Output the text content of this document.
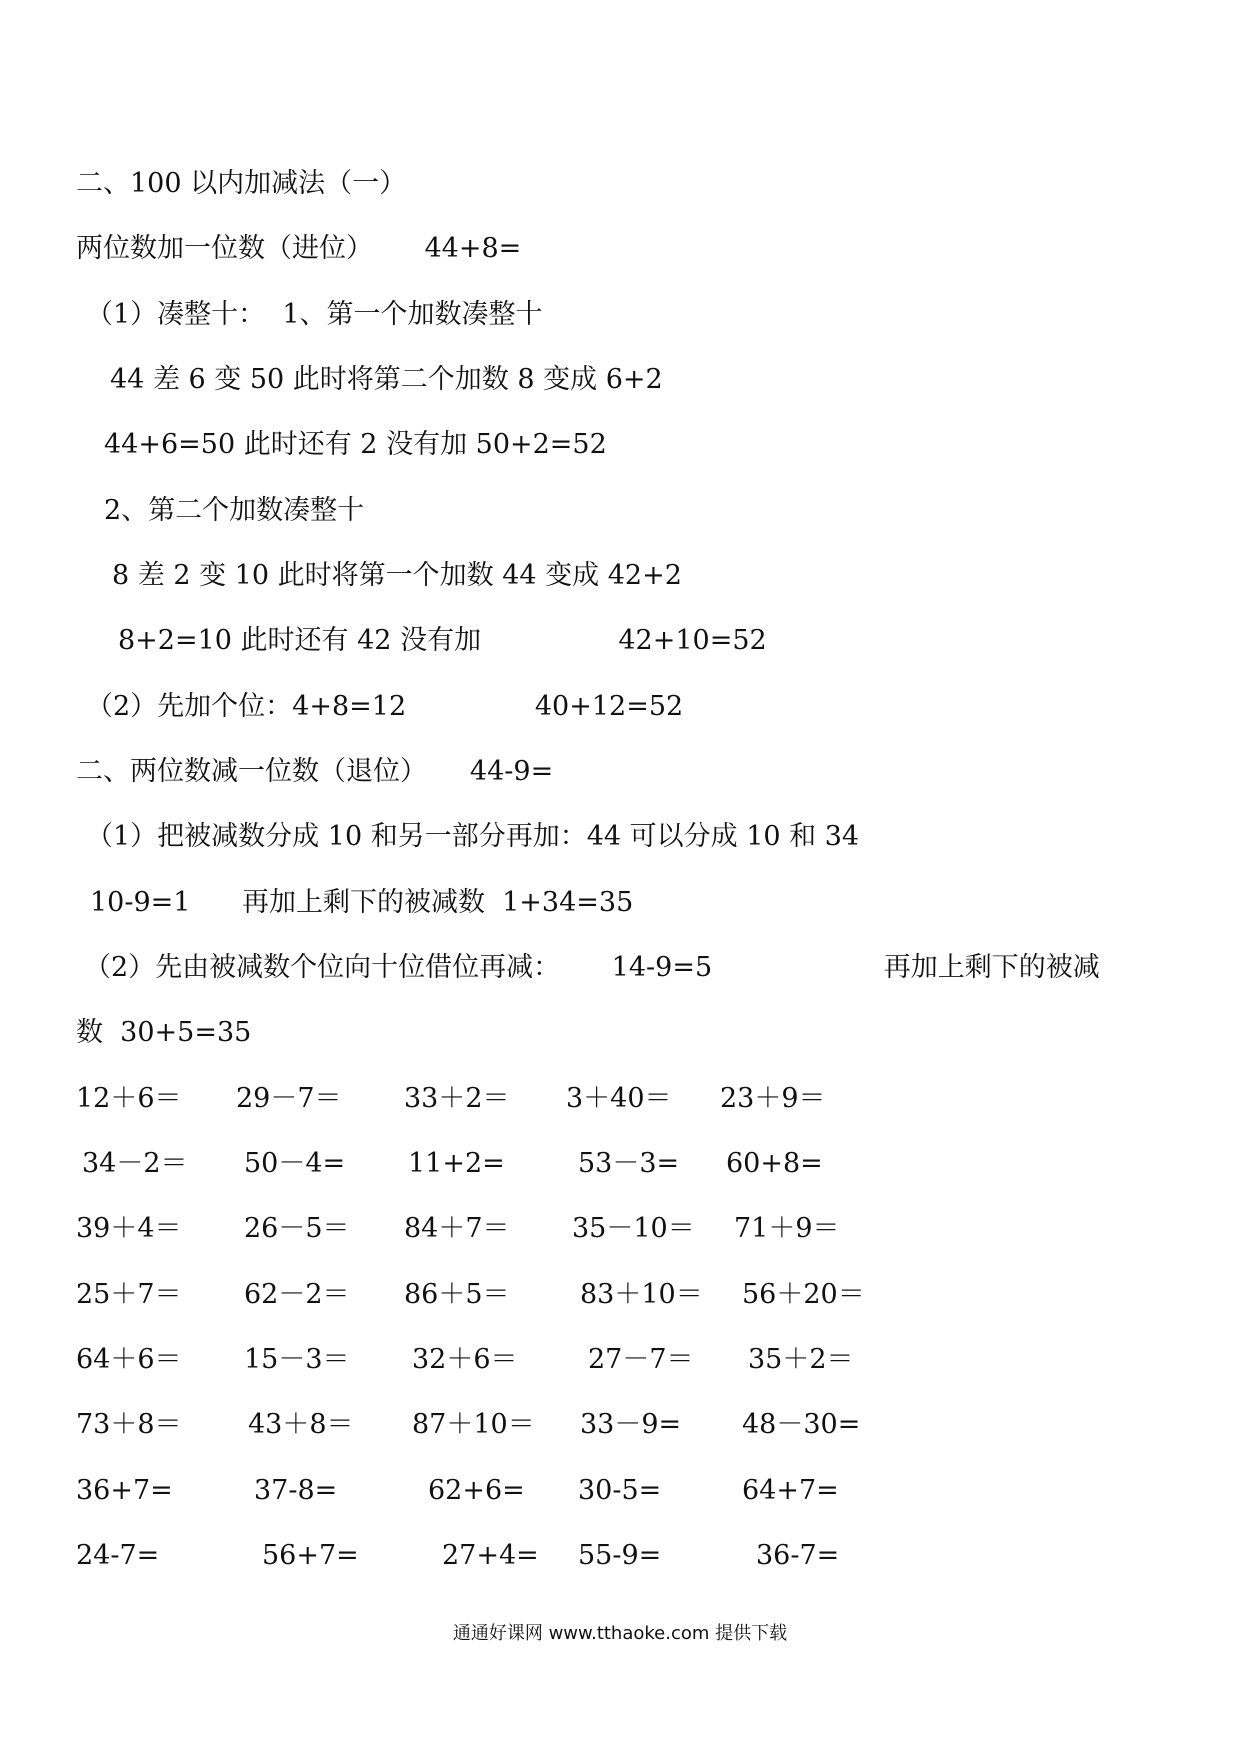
二、100 以内加减法（一）
两位数加一位数（进位）      44+8=
（1）凑整十：  1、第一个加数凑整十
44 差 6 变 50 此时将第二个加数 8 变成 6+2
44+6=50 此时还有 2 没有加 50+2=52
2、第二个加数凑整十
8 差 2 变 10 此时将第一个加数 44 变成 42+2
8+2=10 此时还有 42 没有加                42+10=52
（2）先加个位：4+8=12               40+12=52
二、两位数减一位数（退位）     44-9=
（1）把被减数分成 10 和另一部分再加：44 可以分成 10 和 34
10-9=1      再加上剩下的被减数  1+34=35
（2）先由被减数个位向十位借位再减：      14-9=5                    再加上剩下的被减
数  30+5=35
12＋6＝ 29－7＝ 33＋2＝ 3＋40＝ 23＋9＝
34－2＝ 50－4= 11+2=	53－3= 60+8=
39＋4＝ 26－5＝ 84＋7＝ 35－10＝ 71＋9＝
25＋7＝ 62－2＝ 86＋5＝	83＋10＝ 56＋20＝
64＋6＝ 15－3＝ 32＋6＝	27－7＝ 35＋2＝
73＋8＝ 43＋8＝ 87＋10＝ 33－9= 48－30=
36+7=	37-8=	62+6= 30-5=	64+7=
24-7=	56+7=	27+4= 55-9=	36-7=
通通好课网 www.tthaoke.com 提供下载
